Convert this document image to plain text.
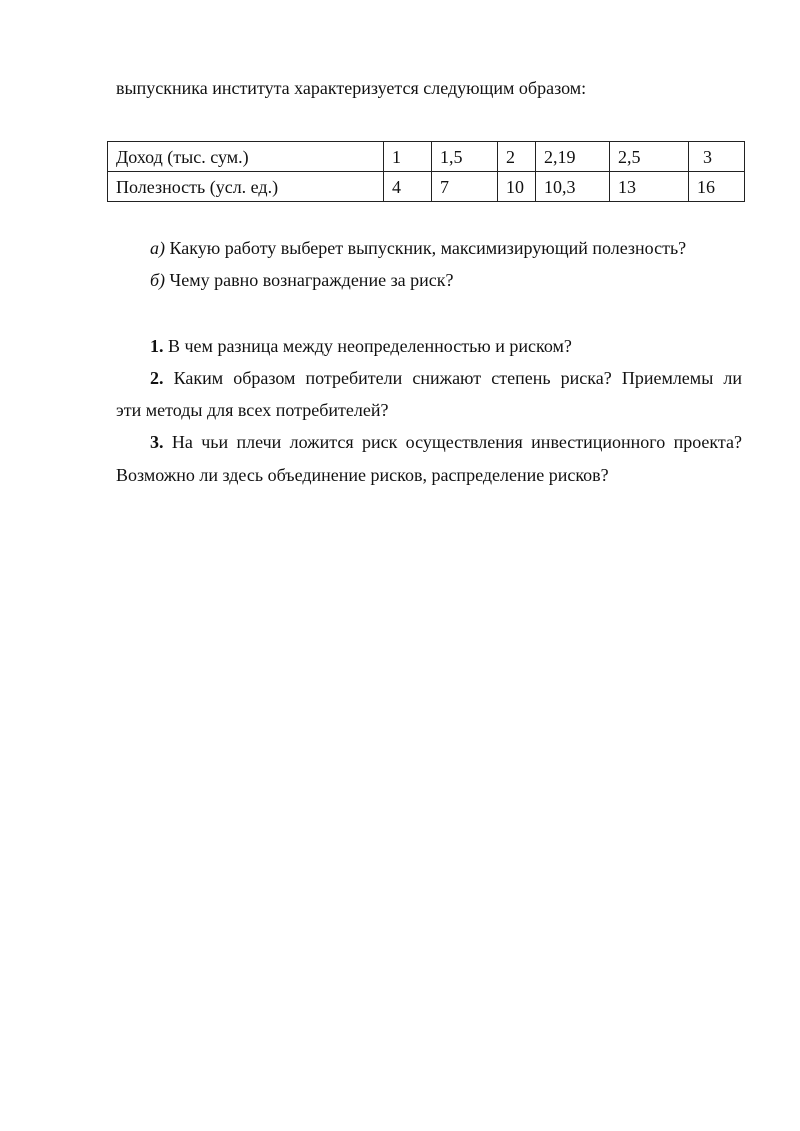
выпускника института характеризуется следующим образом:
Доход (тыс. сум.)	1	1,5	2	2,19	2,5	3
Полезность (усл. ед.)	4	7	10	10,3	13	16
а) Какую работу выберет выпускник, максимизирующий полезность?
б) Чему равно вознаграждение за риск?
1. В чем разница между неопределенностью и риском?
2. Каким образом потребители снижают степень риска? Приемлемы ли
эти методы для всех потребителей?
3. На чьи плечи ложится риск осуществления инвестиционного проекта?
Возможно ли здесь объединение рисков, распределение рисков?
